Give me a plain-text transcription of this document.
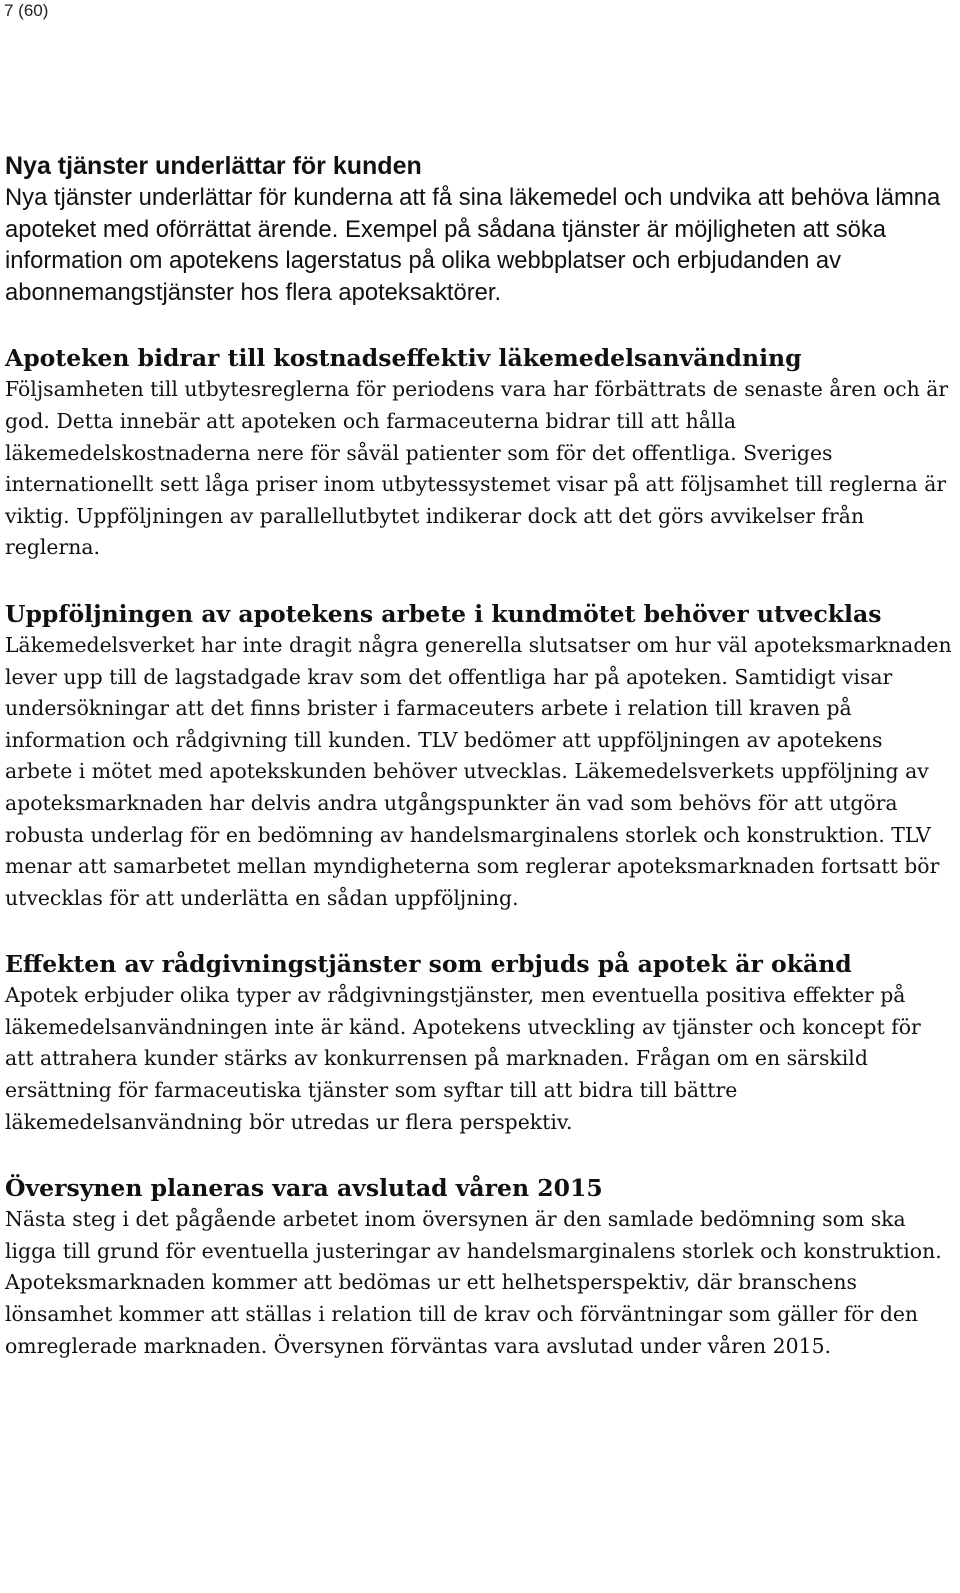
7 (60)
Nya tjänster underlättar för kunden

Nya tjänster underlättar för kunderna att få sina läkemedel och undvika att behöva lämna apoteket med oförrättat ärende. Exempel på sådana tjänster är möjligheten att söka information om apotekens lagerstatus på olika webbplatser och erbjudanden av abonnemangstjänster hos flera apoteksaktörer.

Apoteken bidrar till kostnadseffektiv läkemedelsanvändning

Följsamheten till utbytesreglerna för periodens vara har förbättrats de senaste åren och är god. Detta innebär att apoteken och farmaceuterna bidrar till att hålla läkemedelskostnaderna nere för såväl patienter som för det offentliga. Sveriges internationellt sett låga priser inom utbytessystemet visar på att följsamhet till reglerna är viktig. Uppföljningen av parallellutbytet indikerar dock att det görs avvikelser från reglerna.

Uppföljningen av apotekens arbete i kundmötet behöver utvecklas

Läkemedelsverket har inte dragit några generella slutsatser om hur väl apoteksmarknaden lever upp till de lagstadgade krav som det offentliga har på apoteken. Samtidigt visar undersökningar att det finns brister i farmaceuters arbete i relation till kraven på information och rådgivning till kunden. TLV bedömer att uppföljningen av apotekens arbete i mötet med apotekskunden behöver utvecklas. Läkemedelsverkets uppföljning av apoteksmarknaden har delvis andra utgångspunkter än vad som behövs för att utgöra robusta underlag för en bedömning av handelsmarginalens storlek och konstruktion. TLV menar att samarbetet mellan myndigheterna som reglerar apoteksmarknaden fortsatt bör utvecklas för att underlätta en sådan uppföljning.

Effekten av rådgivningstjänster som erbjuds på apotek är okänd

Apotek erbjuder olika typer av rådgivningstjänster, men eventuella positiva effekter på läkemedelsanvändningen inte är känd. Apotekens utveckling av tjänster och koncept för att attrahera kunder stärks av konkurrensen på marknaden. Frågan om en särskild ersättning för farmaceutiska tjänster som syftar till att bidra till bättre läkemedelsanvändning bör utredas ur flera perspektiv.

Översynen planeras vara avslutad våren 2015

Nästa steg i det pågående arbetet inom översynen är den samlade bedömning som ska ligga till grund för eventuella justeringar av handelsmarginalens storlek och konstruktion. Apoteksmarknaden kommer att bedömas ur ett helhetsperspektiv, där branschens lönsamhet kommer att ställas i relation till de krav och förväntningar som gäller för den omreglerade marknaden. Översynen förväntas vara avslutad under våren 2015.
